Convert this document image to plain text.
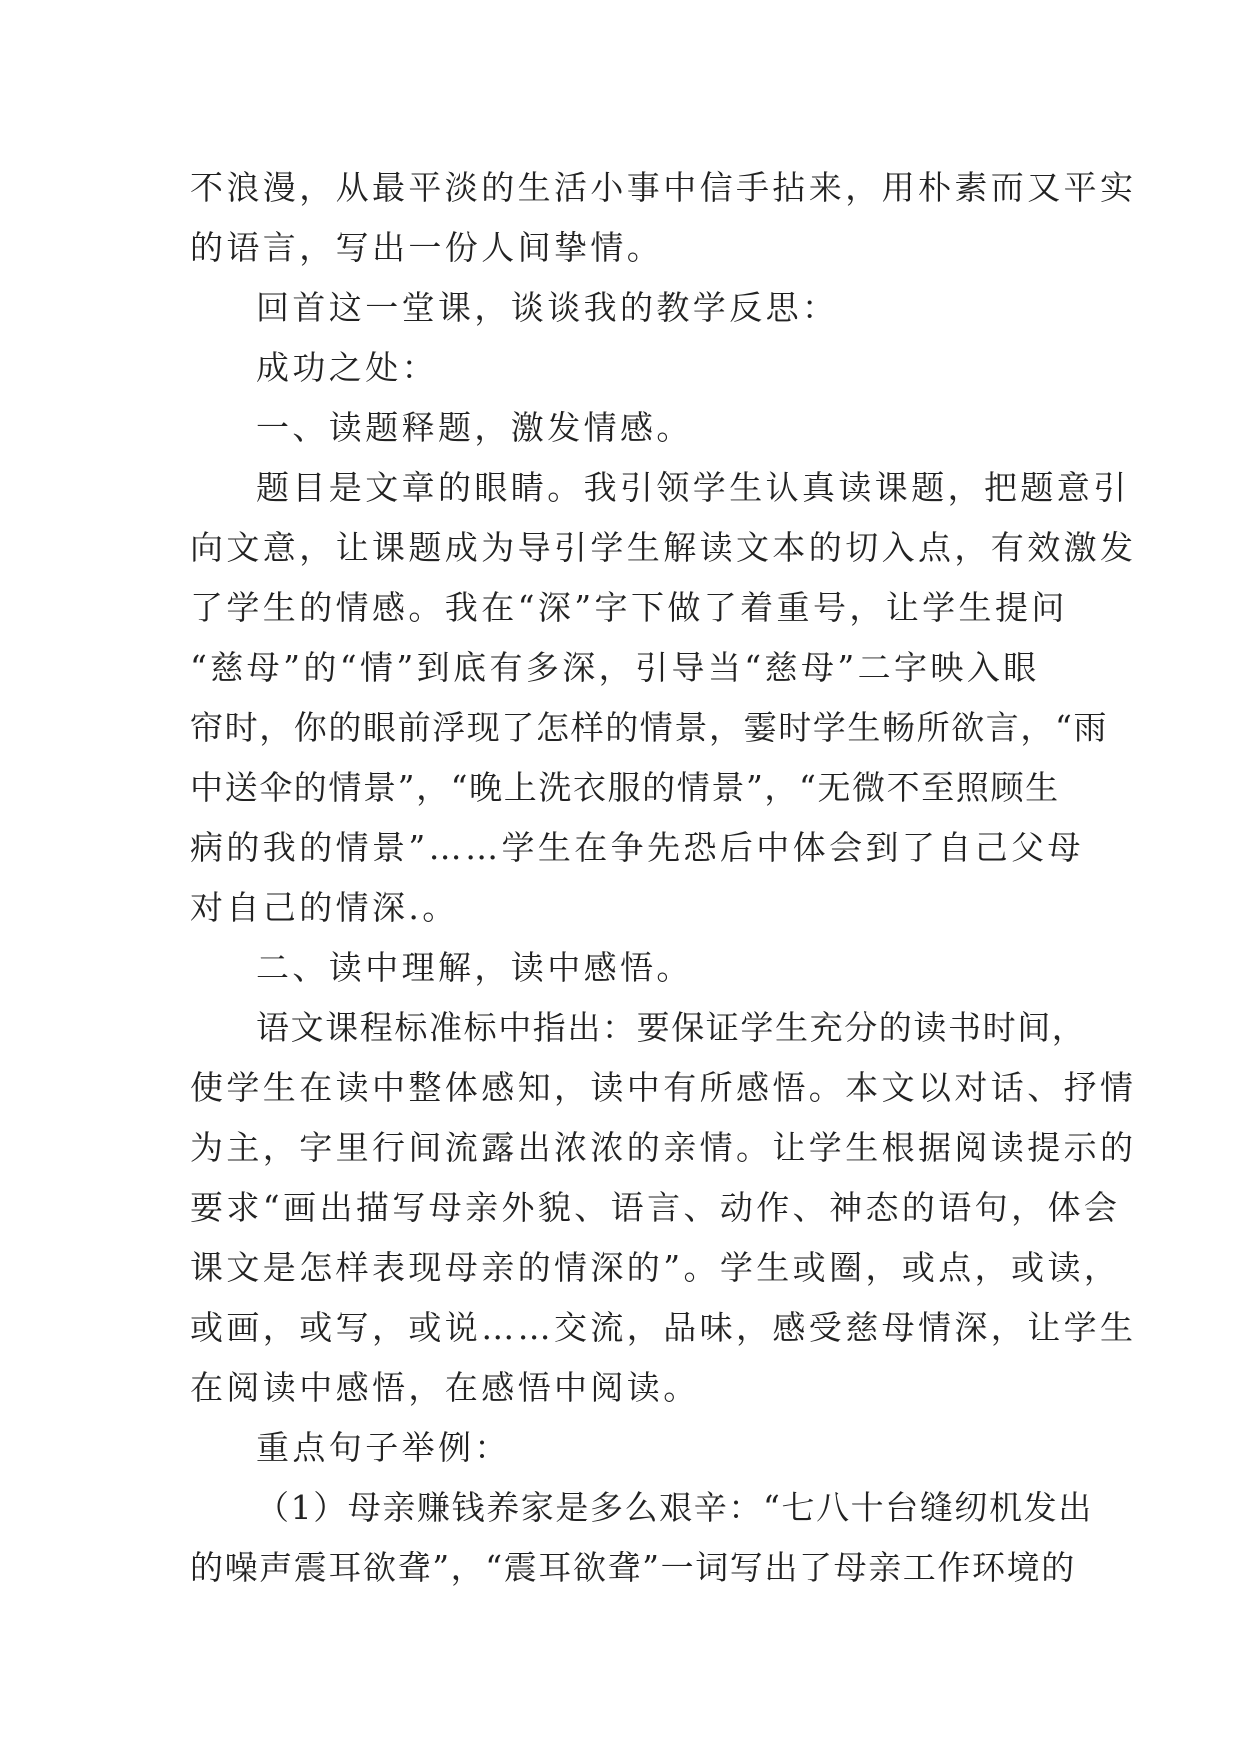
不浪漫，从最平淡的生活小事中信手拈来，用朴素而又平实
的语言，写出一份人间挚情。
回首这一堂课，谈谈我的教学反思：
成功之处：
一、读题释题，激发情感。
题目是文章的眼睛。我引领学生认真读课题，把题意引
向文意，让课题成为导引学生解读文本的切入点，有效激发
了学生的情感。我在“深”字下做了着重号，让学生提问
“慈母”的“情”到底有多深，引导当“慈母”二字映入眼
帘时，你的眼前浮现了怎样的情景，霎时学生畅所欲言，“雨
中送伞的情景”，“晚上洗衣服的情景”，“无微不至照顾生
病的我的情景”……学生在争先恐后中体会到了自己父母
对自己的情深.。
二、读中理解，读中感悟。
语文课程标准标中指出：要保证学生充分的读书时间，
使学生在读中整体感知，读中有所感悟。本文以对话、抒情
为主，字里行间流露出浓浓的亲情。让学生根据阅读提示的
要求“画出描写母亲外貌、语言、动作、神态的语句，体会
课文是怎样表现母亲的情深的”。学生或圈，或点，或读，
或画，或写，或说……交流，品味，感受慈母情深，让学生
在阅读中感悟，在感悟中阅读。
重点句子举例：
（1）母亲赚钱养家是多么艰辛：“七八十台缝纫机发出
的噪声震耳欲聋”，“震耳欲聋”一词写出了母亲工作环境的
